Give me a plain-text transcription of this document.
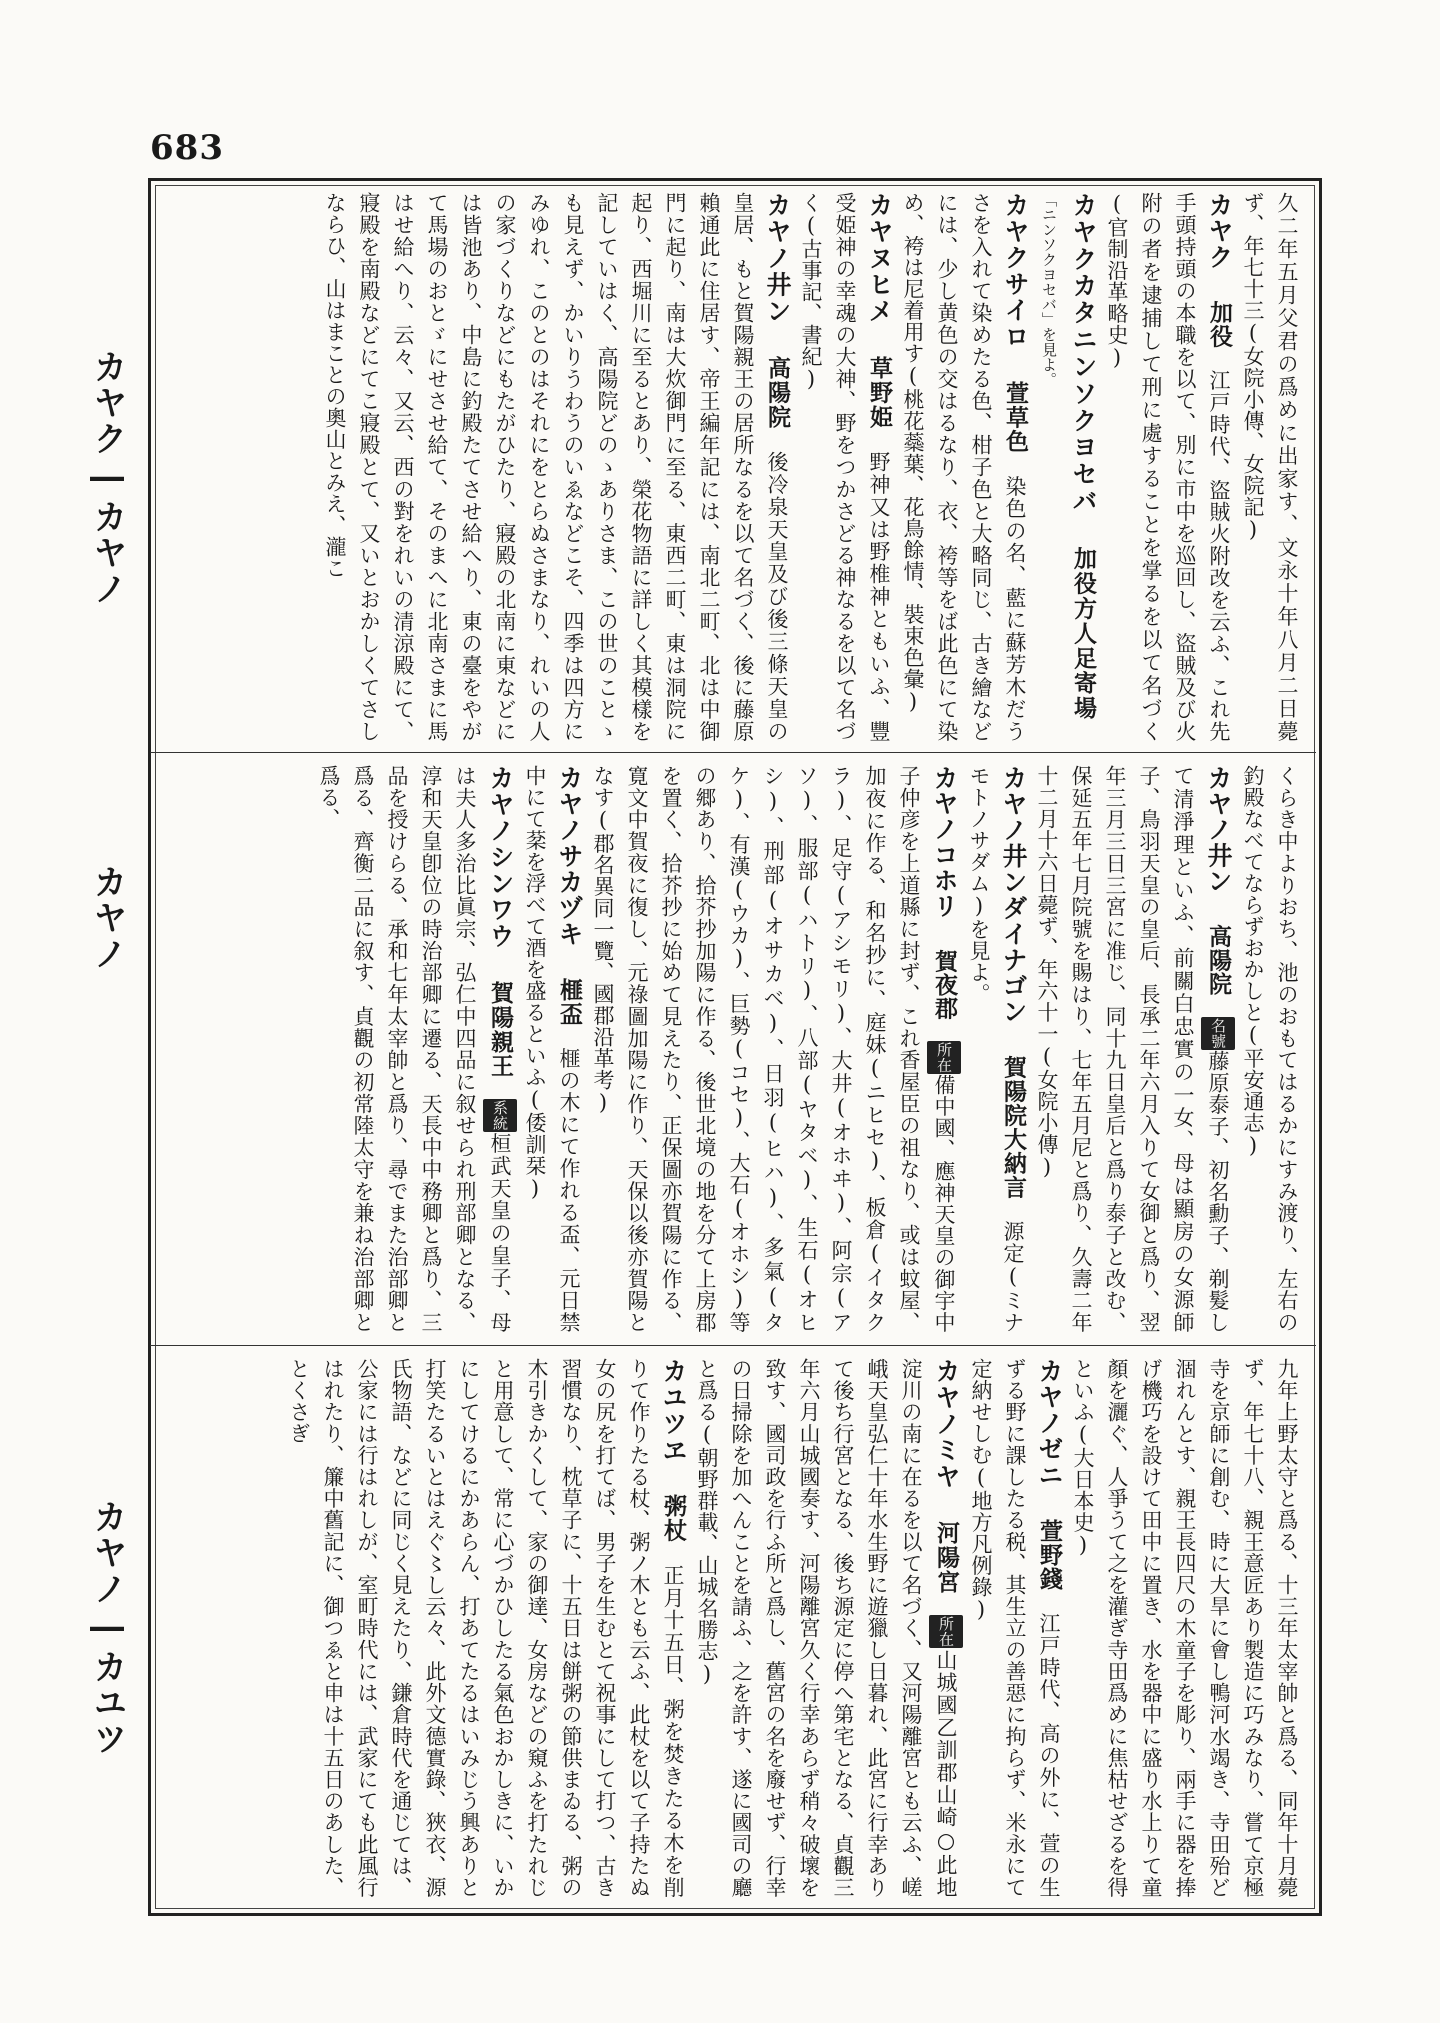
683
カヤク―カヤノ
カヤノ
カヤノ―カユツ

久二年五月父君の爲めに出家す、文永十年八月二日薨ず、年七十三(女院小傳、女院記)

カヤク加役江戸時代、盜賊火附改を云ふ、これ先手頭持頭の本職を以て、別に市中を巡回し、盜賊及び火附の者を逮捕して刑に處することを掌るを以て名づく(官制沿革略史)

カヤクカタニンソクヨセバ加役方人足寄場「ニンソクヨセバ」を見よ。

カヤクサイロ萱草色染色の名、藍に蘇芳木だうさを入れて染めたる色、柑子色と大略同じ、古き繪などには、少し黄色の交はるなり、衣、袴等をば此色にて染め、袴は尼着用す(桃花蘂葉、花鳥餘情、裝束色彙)

カヤヌヒメ草野姫野神又は野椎神ともいふ、豐受姫神の幸魂の大神、野をつかさどる神なるを以て名づく(古事記、書紀)

カヤノ井ン高陽院後冷泉天皇及び後三條天皇の皇居、もと賀陽親王の居所なるを以て名づく、後に藤原賴通此に住居す、帝王編年記には、南北二町、北は中御門に起り、南は大炊御門に至る、東西二町、東は洞院に起り、西堀川に至るとあり、榮花物語に詳しく其模樣を記していはく、高陽院どのゝありさま、この世のことゝも見えず、かいりうわうのいゑなどこそ、四季は四方にみゆれ、このとのはそれにをとらぬさまなり、れいの人の家づくりなどにもたがひたり、寢殿の北南に東などには皆池あり、中島に釣殿たてさせ給へり、東の臺をやがて馬場のおとゞにせさせ給て、そのまへに北南さまに馬はせ給へり、云々、又云、西の對をれいの清涼殿にて、寢殿を南殿などにてこ寢殿とて、又いとおかしくてさしならひ、山はまことの奧山とみえ、瀧こ

くらき中よりおち、池のおもてはるかにすみ渡り、左右の釣殿なべてならずおかしと(平安通志)

カヤノ井ン高陽院名號藤原泰子、初名勳子、剃髮して清淨理といふ、前關白忠實の一女、母は顯房の女源師子、鳥羽天皇の皇后、長承二年六月入りて女御と爲り、翌年三月三日三宮に准じ、同十九日皇后と爲り泰子と改む、保延五年七月院號を賜はり、七年五月尼と爲り、久壽二年十二月十六日薨ず、年六十一(女院小傳)

カヤノ井ンダイナゴン賀陽院大納言源定(ミナモトノサダム)を見よ。

カヤノコホリ賀夜郡所在備中國、應神天皇の御宇中子仲彦を上道縣に封ず、これ香屋臣の祖なり、或は蚊屋、加夜に作る、和名抄に、庭妹(ニヒセ)、板倉(イタクラ)、足守(アシモリ)、大井(オホヰ)、阿宗(アソ)、服部(ハトリ)、八部(ヤタベ)、生石(オヒシ)、刑部(オサカベ)、日羽(ヒハ)、多氣(タケ)、有漢(ウカ)、巨勢(コセ)、大石(オホシ)等の郷あり、拾芥抄加陽に作る、後世北境の地を分て上房郡を置く、拾芥抄に始めて見えたり、正保圖亦賀陽に作る、寛文中賀夜に復し、元祿圖加陽に作り、天保以後亦賀陽となす(郡名異同一覽、國郡沿革考)

カヤノサカヅキ榧盃榧の木にて作れる盃、元日禁中にて棻を浮べて酒を盛るといふ(倭訓栞)

カヤノシンワウ賀陽親王系統桓武天皇の皇子、母は夫人多治比眞宗、弘仁中四品に叙せられ刑部卿となる、淳和天皇卽位の時治部卿に遷る、天長中中務卿と爲り、三品を授けらる、承和七年太宰帥と爲り、尋でまた治部卿と爲る、齊衡二品に叙す、貞觀の初常陸太守を兼ね治部卿と爲る、

九年上野太守と爲る、十三年太宰帥と爲る、同年十月薨ず、年七十八、親王意匠あり製造に巧みなり、嘗て京極寺を京師に創む、時に大旱に會し鴨河水竭き、寺田殆ど涸れんとす、親王長四尺の木童子を彫り、兩手に器を捧げ機巧を設けて田中に置き、水を器中に盛り水上りて童顏を灑ぐ、人爭うて之を灌ぎ寺田爲めに焦枯せざるを得といふ(大日本史)

カヤノゼニ萱野錢江戸時代、高の外に、萱の生ずる野に課したる税、其生立の善惡に拘らず、米永にて定納せしむ(地方凡例錄)

カヤノミヤ河陽宮所在山城國乙訓郡山崎○此地淀川の南に在るを以て名づく、又河陽離宮とも云ふ、嵯峨天皇弘仁十年水生野に遊獵し日暮れ、此宮に行幸ありて後ち行宮となる、後ち源定に停へ第宅となる、貞觀三年六月山城國奏す、河陽離宮久く行幸あらず稍々破壞を致す、國司政を行ふ所と爲し、舊宮の名を廢せず、行幸の日掃除を加へんことを請ふ、之を許す、遂に國司の廳と爲る(朝野群載、山城名勝志)

カユツヱ粥杖正月十五日、粥を焚きたる木を削りて作りたる杖、粥ノ木とも云ふ、此杖を以て子持たぬ女の尻を打てば、男子を生むとて祝事にして打つ、古き習慣なり、枕草子に、十五日は餅粥の節供まゐる、粥の木引きかくして、家の御達、女房などの窺ふを打たれじと用意して、常に心づかひしたる氣色おかしきに、いかにしてけるにかあらん、打あてたるはいみじう興ありと打笑たるいとはえぐ〻し云々、此外文德實錄、狹衣、源氏物語、などに同じく見えたり、鎌倉時代を通じては、公家には行はれしが、室町時代には、武家にても此風行はれたり、簾中舊記に、御つゑと申は十五日のあした、とくさぎ
